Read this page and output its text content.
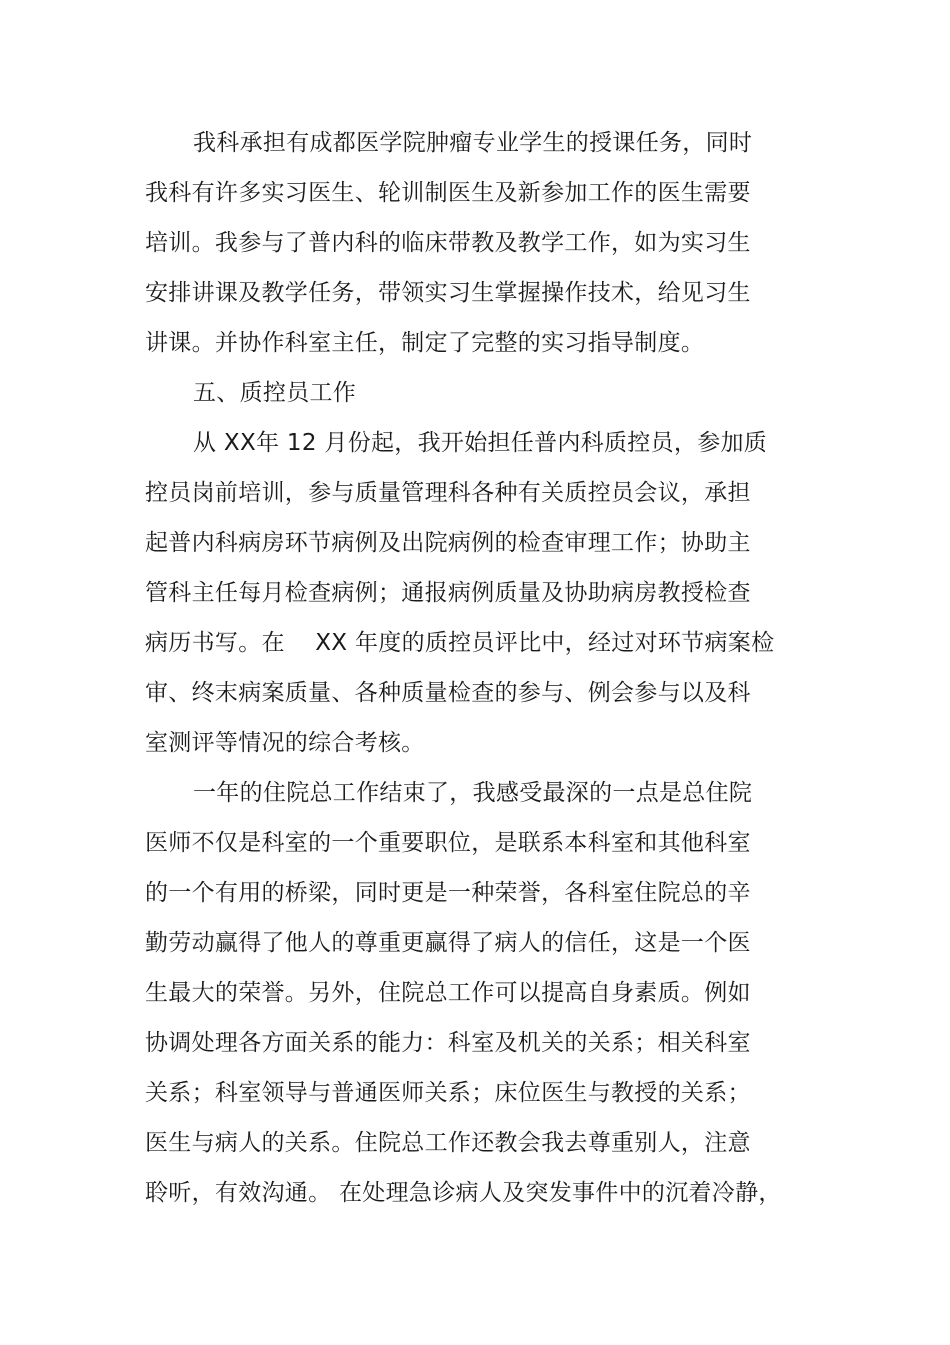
我科承担有成都医学院肿瘤专业学生的授课任务，同时
我科有许多实习医生、轮训制医生及新参加工作的医生需要
培训。我参与了普内科的临床带教及教学工作，如为实习生
安排讲课及教学任务，带领实习生掌握操作技术，给见习生
讲课。并协作科室主任，制定了完整的实习指导制度。
五、质控员工作
从 XX年 12 月份起，我开始担任普内科质控员，参加质
控员岗前培训，参与质量管理科各种有关质控员会议，承担
起普内科病房环节病例及出院病例的检查审理工作；协助主
管科主任每月检查病例；通报病例质量及协助病房教授检查
病历书写。在    XX 年度的质控员评比中，经过对环节病案检
审、终末病案质量、各种质量检查的参与、例会参与以及科
室测评等情况的综合考核。
一年的住院总工作结束了，我感受最深的一点是总住院
医师不仅是科室的一个重要职位，是联系本科室和其他科室
的一个有用的桥梁，同时更是一种荣誉，各科室住院总的辛
勤劳动赢得了他人的尊重更赢得了病人的信任，这是一个医
生最大的荣誉。另外，住院总工作可以提高自身素质。例如
协调处理各方面关系的能力：科室及机关的关系；相关科室
关系；科室领导与普通医师关系；床位医生与教授的关系；
医生与病人的关系。住院总工作还教会我去尊重别人，注意
聆听，有效沟通。 在处理急诊病人及突发事件中的沉着冷静，
